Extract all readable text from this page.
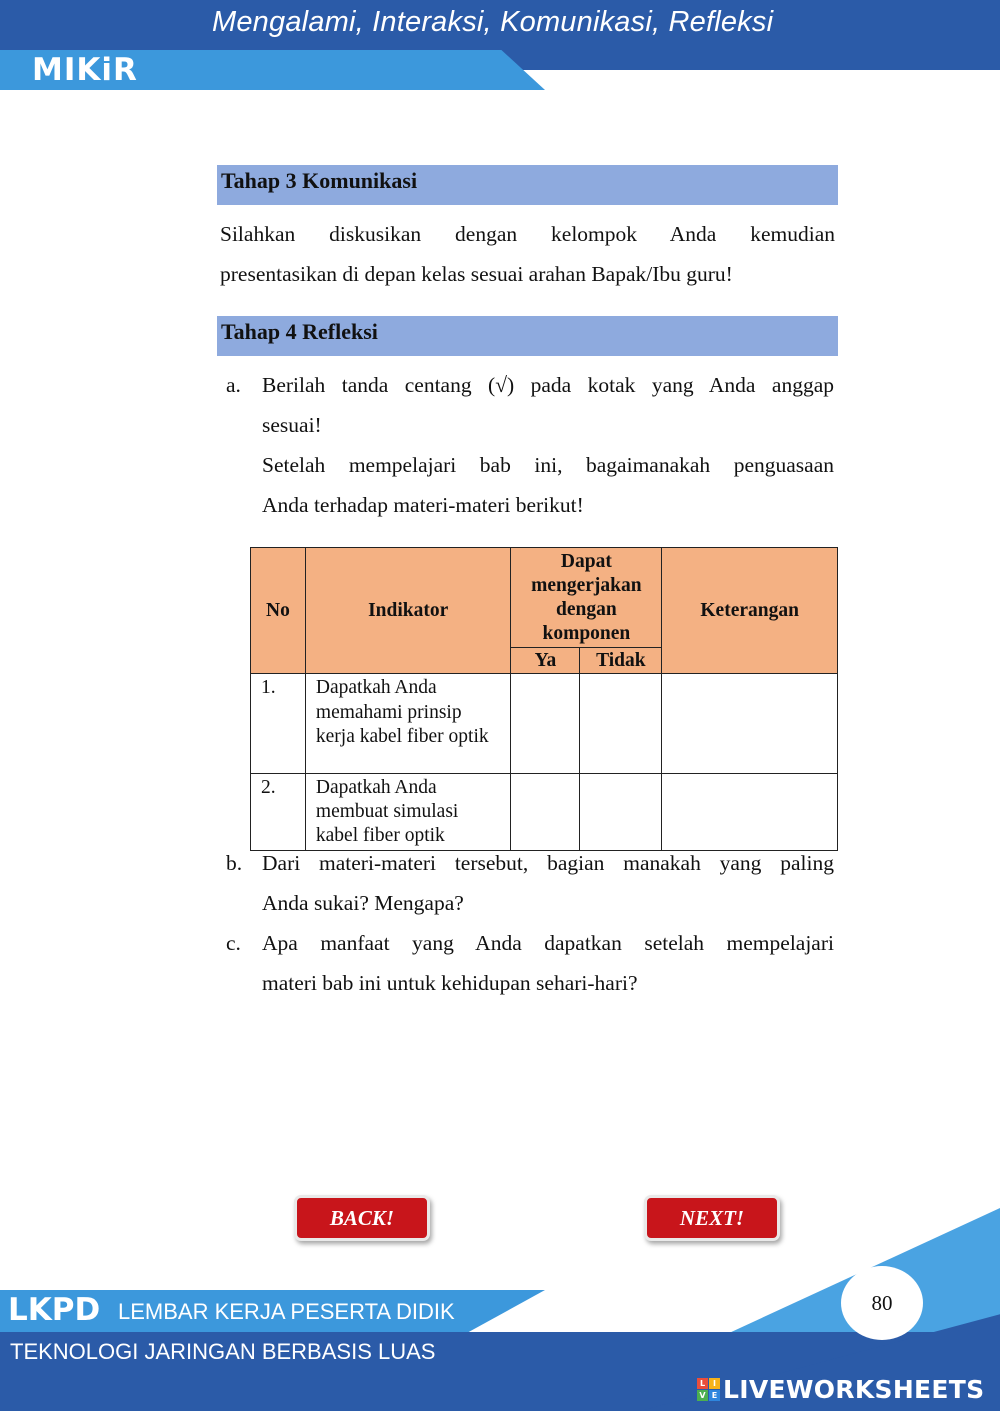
Mengalami, Interaksi, Komunikasi, Refleksi
MIKiR
Tahap 3 Komunikasi
Silahkan diskusikan dengan kelompok Anda kemudian
presentasikan di depan kelas sesuai arahan Bapak/Ibu guru!
Tahap 4 Refleksi
a. Berilah tanda centang (√) pada kotak yang Anda anggap
sesuai!
Setelah mempelajari bab ini, bagaimanakah penguasaan
Anda terhadap materi-materi berikut!
No	Indikator	Dapat mengerjakan dengan komponen		Keterangan
		Ya	Tidak	
1.	Dapatkah Anda memahami prinsip kerja kabel fiber optik			
2.	Dapatkah Anda membuat simulasi kabel fiber optik			
b. Dari materi-materi tersebut, bagian manakah yang paling
Anda sukai? Mengapa?
c. Apa manfaat yang Anda dapatkan setelah mempelajari
materi bab ini untuk kehidupan sehari-hari?
BACK!	NEXT!
LKPD LEMBAR KERJA PESERTA DIDIK
TEKNOLOGI JARINGAN BERBASIS LUAS
80
L I
V E LIVEWORKSHEETS
